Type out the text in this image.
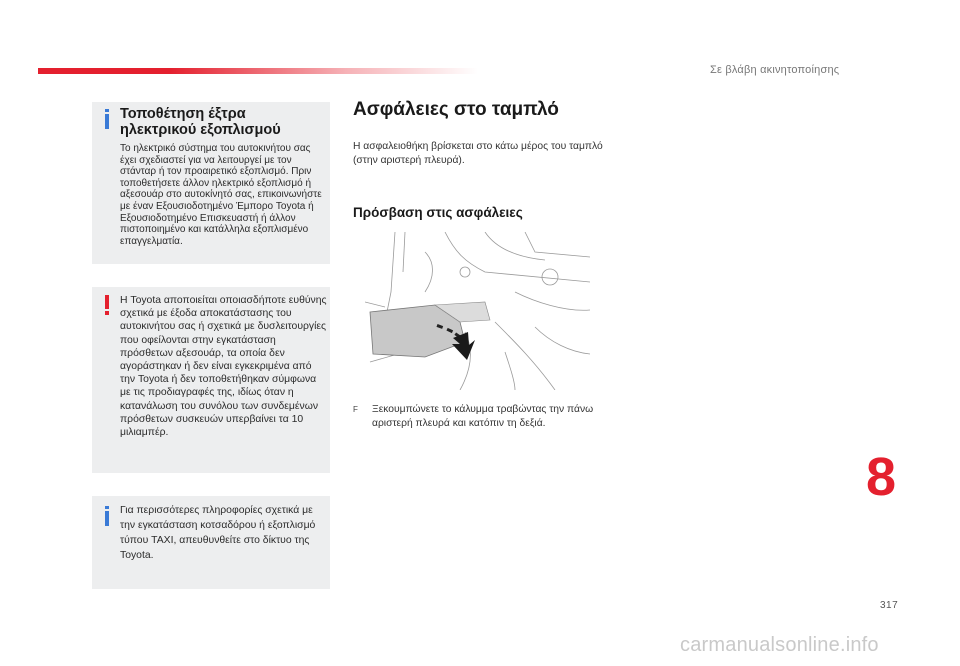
Σε βλάβη ακινητοποίησης
Τοποθέτηση έξτρα
ηλεκτρικού εξοπλισμού
Το ηλεκτρικό σύστημα του αυτοκινήτου σας έχει σχεδιαστεί για να λειτουργεί με τον στάνταρ ή τον προαιρετικό εξοπλισμό. Πριν τοποθετήσετε άλλον ηλεκτρικό εξοπλισμό ή αξεσουάρ στο αυτοκίνητό σας, επικοινωνήστε με έναν Εξουσιοδοτημένο Έμπορο Toyota ή Εξουσιοδοτημένο Επισκευαστή ή άλλον πιστοποιημένο και κατάλληλα εξοπλισμένο επαγγελματία.
Η Toyota αποποιείται οποιασδήποτε ευθύνης σχετικά με έξοδα αποκατάστασης του αυτοκινήτου σας ή σχετικά με δυσλειτουργίες που οφείλονται στην εγκατάσταση πρόσθετων αξεσουάρ, τα οποία δεν αγοράστηκαν ή δεν είναι εγκεκριμένα από την Toyota ή δεν τοποθετήθηκαν σύμφωνα με τις προδιαγραφές της, ιδίως όταν η κατανάλωση του συνόλου των συνδεμένων πρόσθετων συσκευών υπερβαίνει τα 10 μιλιαμπέρ.
Για περισσότερες πληροφορίες σχετικά με την εγκατάσταση κοτσαδόρου ή εξοπλισμό τύπου TAXI, απευθυνθείτε στο δίκτυο της Toyota.
Ασφάλειες στο ταμπλό
Η ασφαλειοθήκη βρίσκεται στο κάτω μέρος του ταμπλό (στην αριστερή πλευρά).
Πρόσβαση στις ασφάλειες
F Ξεκουμπώνετε το κάλυμμα τραβώντας την πάνω αριστερή πλευρά και κατόπιν τη δεξιά.
8
317
carmanualsonline.info
